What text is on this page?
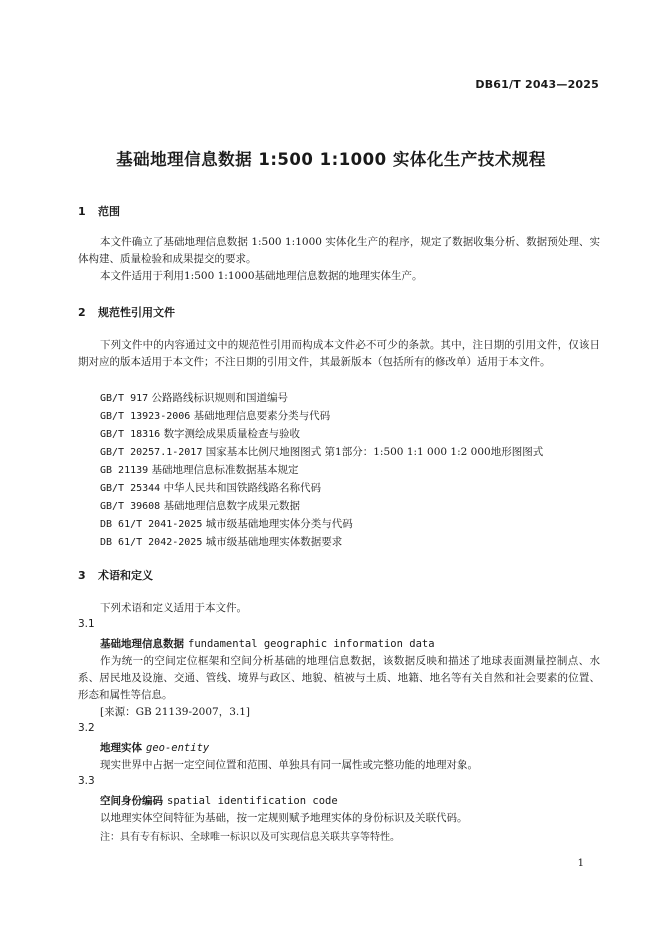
DB61/T 2043—2025
基础地理信息数据 1:500 1:1000 实体化生产技术规程
1 范围
本文件确立了基础地理信息数据 1:500 1:1000 实体化生产的程序，规定了数据收集分析、数据预处理、实体构建、质量检验和成果提交的要求。
本文件适用于利用1:500 1:1000基础地理信息数据的地理实体生产。
2 规范性引用文件
下列文件中的内容通过文中的规范性引用而构成本文件必不可少的条款。其中，注日期的引用文件，仅该日期对应的版本适用于本文件；不注日期的引用文件，其最新版本（包括所有的修改单）适用于本文件。
GB/T 917 公路路线标识规则和国道编号
GB/T 13923-2006 基础地理信息要素分类与代码
GB/T 18316 数字测绘成果质量检查与验收
GB/T 20257.1-2017 国家基本比例尺地图图式 第1部分：1:500 1:1 000 1:2 000地形图图式
GB 21139 基础地理信息标准数据基本规定
GB/T 25344 中华人民共和国铁路线路名称代码
GB/T 39608 基础地理信息数字成果元数据
DB 61/T 2041-2025 城市级基础地理实体分类与代码
DB 61/T 2042-2025 城市级基础地理实体数据要求
3 术语和定义
下列术语和定义适用于本文件。
3.1
基础地理信息数据 fundamental geographic information data
作为统一的空间定位框架和空间分析基础的地理信息数据，该数据反映和描述了地球表面测量控制点、水系、居民地及设施、交通、管线、境界与政区、地貌、植被与土质、地籍、地名等有关自然和社会要素的位置、形态和属性等信息。
[来源：GB 21139-2007，3.1]
3.2
地理实体 geo-entity
现实世界中占据一定空间位置和范围、单独具有同一属性或完整功能的地理对象。
3.3
空间身份编码 spatial identification code
以地理实体空间特征为基础，按一定规则赋予地理实体的身份标识及关联代码。
注：具有专有标识、全球唯一标识以及可实现信息关联共享等特性。
1
